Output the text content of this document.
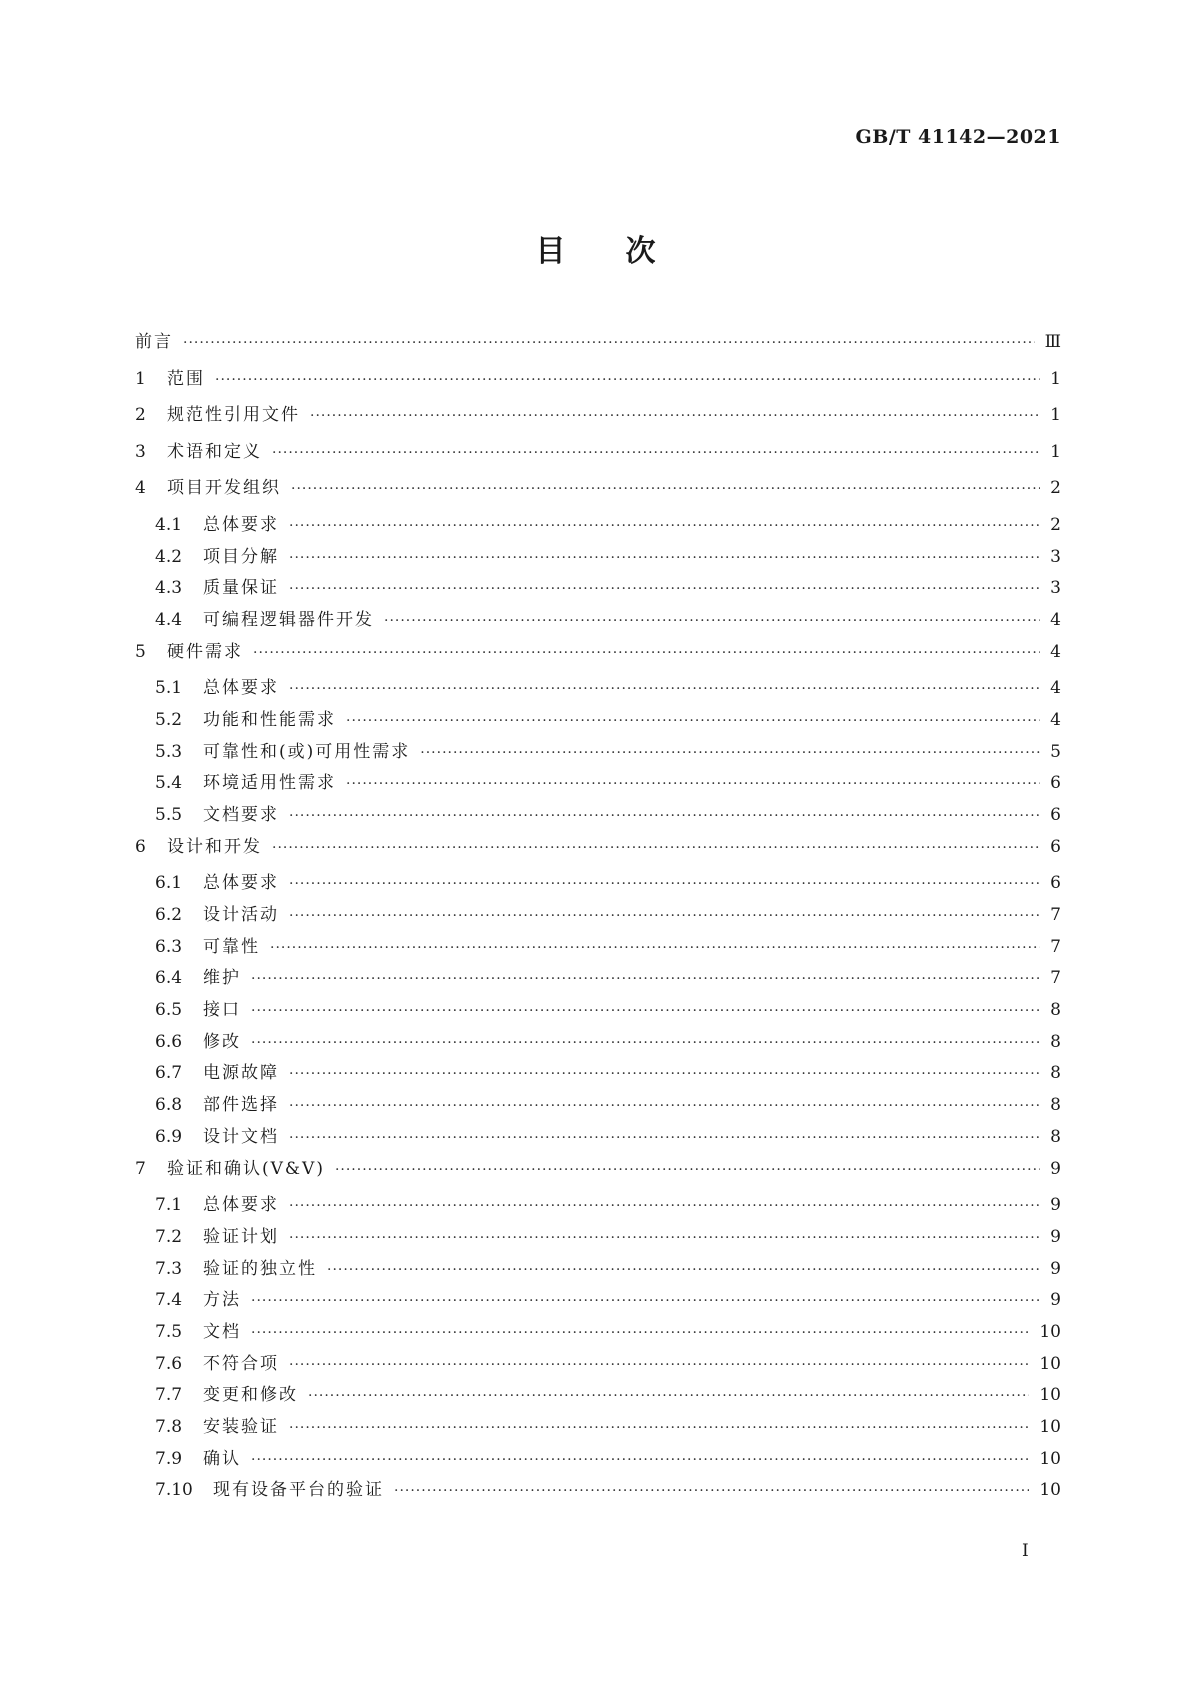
GB/T 41142—2021
目 次
前言 ·····	Ⅲ
1	范围 ·····	1
2	规范性引用文件 ·····	1
3	术语和定义 ·····	1
4	项目开发组织 ·····	2
4.1	总体要求 ·····	2
4.2	项目分解 ·····	3
4.3	质量保证 ·····	3
4.4	可编程逻辑器件开发 ·····	4
5	硬件需求 ·····	4
5.1	总体要求 ·····	4
5.2	功能和性能需求 ·····	4
5.3	可靠性和(或)可用性需求 ·····	5
5.4	环境适用性需求 ·····	6
5.5	文档要求 ·····	6
6	设计和开发 ·····	6
6.1	总体要求 ·····	6
6.2	设计活动 ·····	7
6.3	可靠性 ·····	7
6.4	维护 ·····	7
6.5	接口 ·····	8
6.6	修改 ·····	8
6.7	电源故障 ·····	8
6.8	部件选择 ·····	8
6.9	设计文档 ·····	8
7	验证和确认(V&V) ·····	9
7.1	总体要求 ·····	9
7.2	验证计划 ·····	9
7.3	验证的独立性 ·····	9
7.4	方法 ·····	9
7.5	文档 ·····	10
7.6	不符合项 ·····	10
7.7	变更和修改 ·····	10
7.8	安装验证 ·····	10
7.9	确认 ·····	10
7.10	现有设备平台的验证 ·····	10
I
